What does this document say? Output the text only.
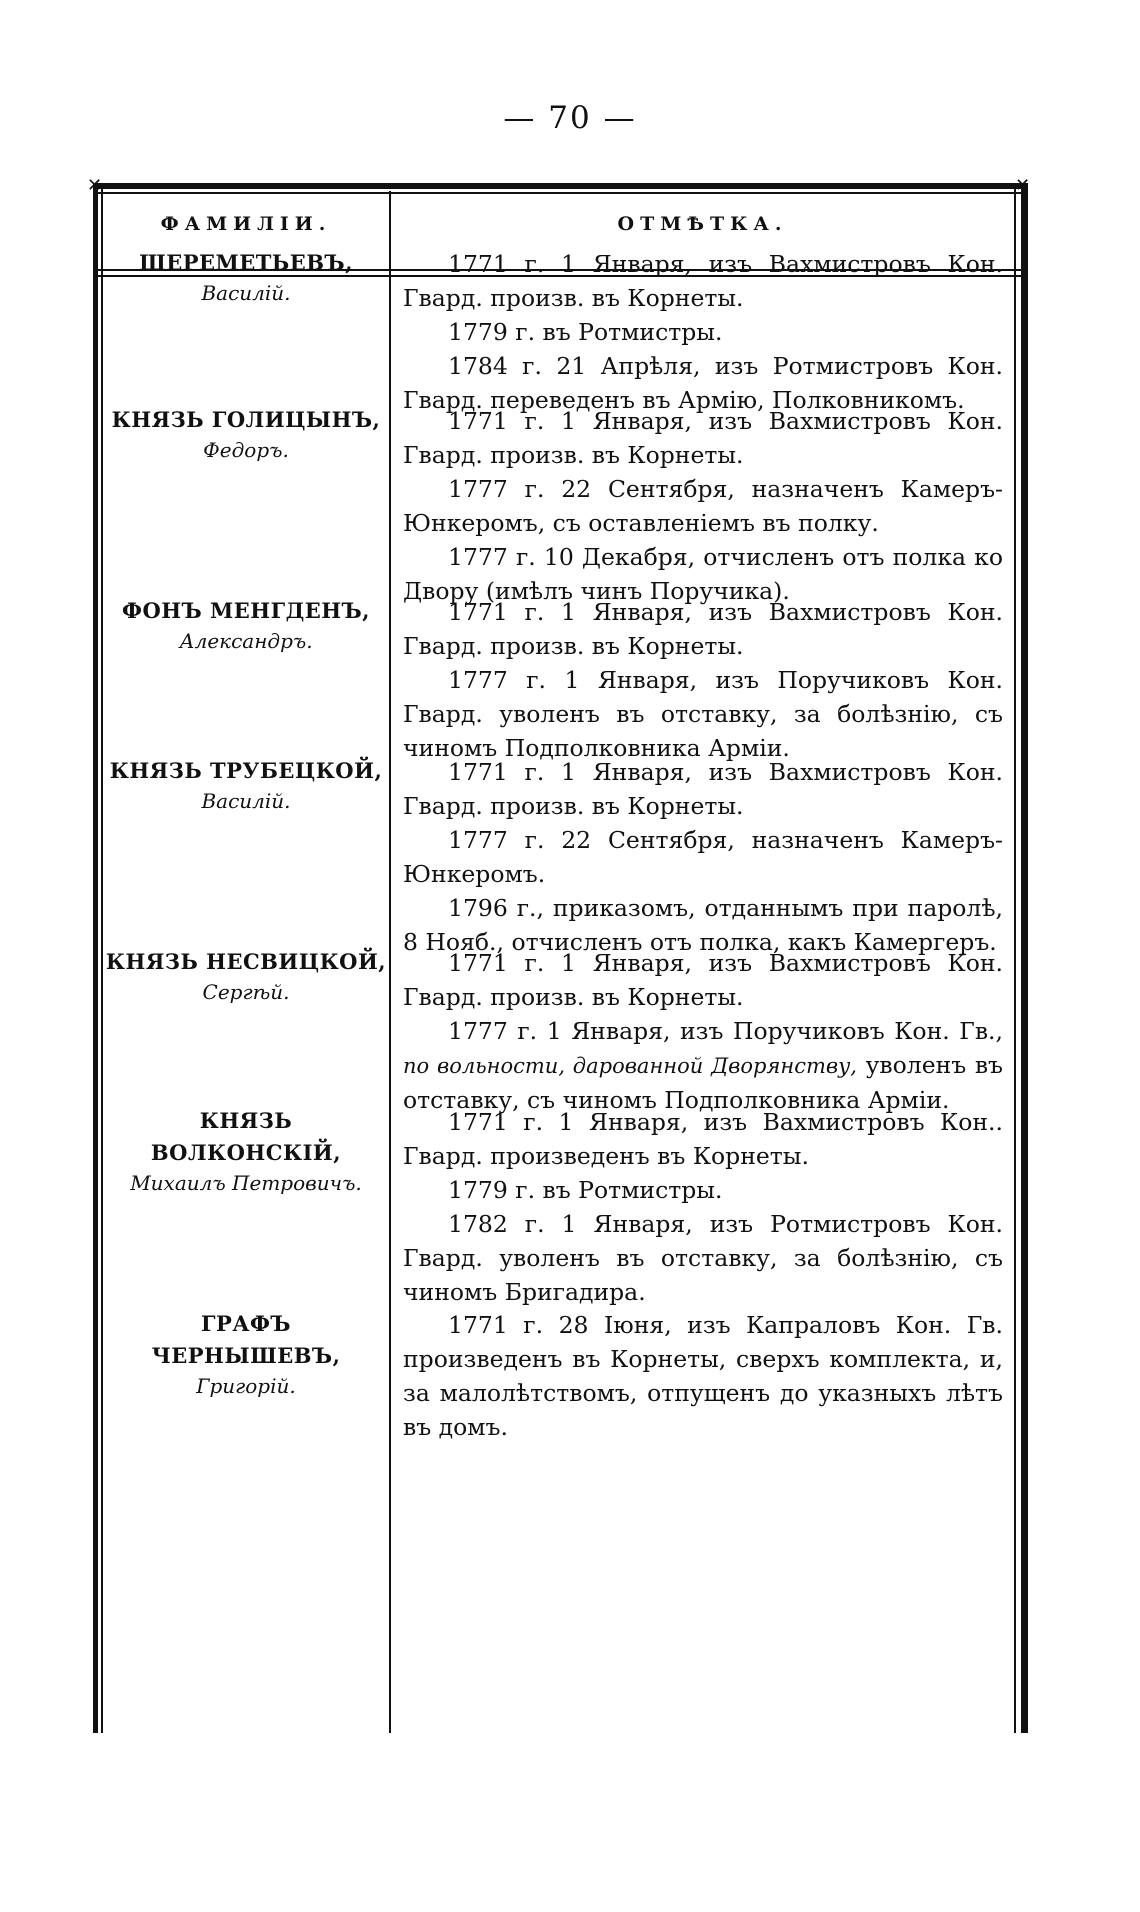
— 70 —
✕	✕
ФАМИЛІИ.	ОТМѢТКА.
ШЕРЕМЕТЬЕВЪ,
Василій.

1771 г. 1 Января, изъ Вахмистровъ Кон. Гвард. произв. въ Корнеты.

1779 г. въ Ротмистры.

1784 г. 21 Апрѣля, изъ Ротмистровъ Кон. Гвард. переведенъ въ Армію, Полковникомъ.

КНЯЗЬ ГОЛИЦЫНЪ,
Федоръ.

1771 г. 1 Января, изъ Вахмистровъ Кон. Гвард. произв. въ Корнеты.

1777 г. 22 Сентября, назначенъ Камеръ-Юнкеромъ, съ оставленіемъ въ полку.

1777 г. 10 Декабря, отчисленъ отъ полка ко Двору (имѣлъ чинъ Поручика).

ФОНЪ МЕНГДЕНЪ,
Александръ.

1771 г. 1 Января, изъ Вахмистровъ Кон. Гвард. произв. въ Корнеты.

1777 г. 1 Января, изъ Поручиковъ Кон. Гвард. уволенъ въ отставку, за болѣзнію, съ чиномъ Подполковника Арміи.

КНЯЗЬ ТРУБЕЦКОЙ,
Василій.

1771 г. 1 Января, изъ Вахмистровъ Кон. Гвард. произв. въ Корнеты.

1777 г. 22 Сентября, назначенъ Камеръ-Юнкеромъ.

1796 г., приказомъ, отданнымъ при паролѣ, 8 Нояб., отчисленъ отъ полка, какъ Камергеръ.

КНЯЗЬ НЕСВИЦКОЙ,
Сергѣй.

1771 г. 1 Января, изъ Вахмистровъ Кон. Гвард. произв. въ Корнеты.

1777 г. 1 Января, изъ Поручиковъ Кон. Гв., по вольности, дарованной Дворянству, уволенъ въ отставку, съ чиномъ Подполковника Арміи.

КНЯЗЬ ВОЛКОНСКІЙ,
Михаилъ Петровичъ.

1771 г. 1 Января, изъ Вахмистровъ Кон.. Гвард. произведенъ въ Корнеты.

1779 г. въ Ротмистры.

1782 г. 1 Января, изъ Ротмистровъ Кон. Гвард. уволенъ въ отставку, за болѣзнію, съ чиномъ Бригадира.

ГРАФЪ ЧЕРНЫШЕВЪ,
Григорій.

1771 г. 28 Іюня, изъ Капраловъ Кон. Гв. произведенъ въ Корнеты, сверхъ комплекта, и, за малолѣтствомъ, отпущенъ до указныхъ лѣтъ въ домъ.
